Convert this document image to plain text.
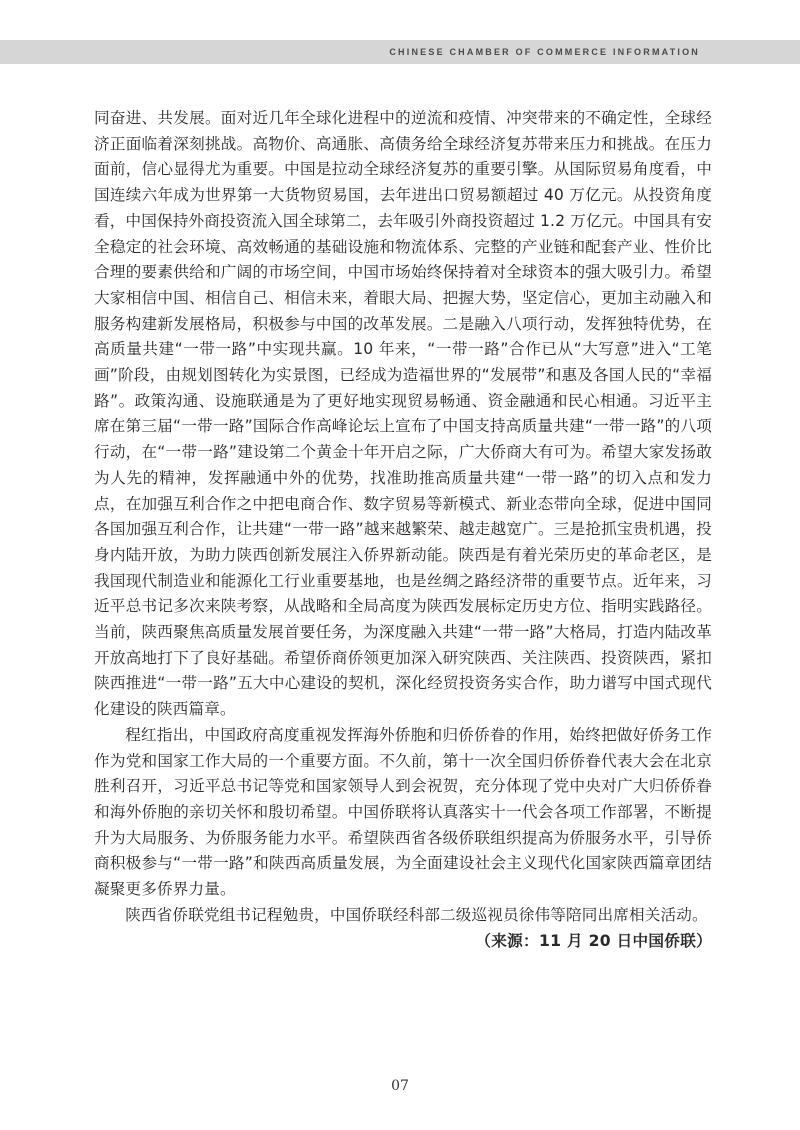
CHINESE CHAMBER OF COMMERCE INFORMATION

同奋进、共发展。面对近几年全球化进程中的逆流和疫情、冲突带来的不确定性，全球经济正面临着深刻挑战。高物价、高通胀、高债务给全球经济复苏带来压力和挑战。在压力面前，信心显得尤为重要。中国是拉动全球经济复苏的重要引擎。从国际贸易角度看，中国连续六年成为世界第一大货物贸易国，去年进出口贸易额超过 40 万亿元。从投资角度看，中国保持外商投资流入国全球第二，去年吸引外商投资超过 1.2 万亿元。中国具有安全稳定的社会环境、高效畅通的基础设施和物流体系、完整的产业链和配套产业、性价比合理的要素供给和广阔的市场空间，中国市场始终保持着对全球资本的强大吸引力。希望大家相信中国、相信自己、相信未来，着眼大局、把握大势，坚定信心，更加主动融入和服务构建新发展格局，积极参与中国的改革发展。二是融入八项行动，发挥独特优势，在高质量共建“一带一路”中实现共赢。10 年来，“一带一路”合作已从“大写意”进入“工笔画”阶段，由规划图转化为实景图，已经成为造福世界的“发展带”和惠及各国人民的“幸福路”。政策沟通、设施联通是为了更好地实现贸易畅通、资金融通和民心相通。习近平主席在第三届“一带一路”国际合作高峰论坛上宣布了中国支持高质量共建“一带一路”的八项行动，在“一带一路”建设第二个黄金十年开启之际，广大侨商大有可为。希望大家发扬敢为人先的精神，发挥融通中外的优势，找准助推高质量共建“一带一路”的切入点和发力点，在加强互利合作之中把电商合作、数字贸易等新模式、新业态带向全球，促进中国同各国加强互利合作，让共建“一带一路”越来越繁荣、越走越宽广。三是抢抓宝贵机遇，投身内陆开放，为助力陕西创新发展注入侨界新动能。陕西是有着光荣历史的革命老区，是我国现代制造业和能源化工行业重要基地，也是丝绸之路经济带的重要节点。近年来，习近平总书记多次来陕考察，从战略和全局高度为陕西发展标定历史方位、指明实践路径。当前，陕西聚焦高质量发展首要任务，为深度融入共建“一带一路”大格局，打造内陆改革开放高地打下了良好基础。希望侨商侨领更加深入研究陕西、关注陕西、投资陕西，紧扣陕西推进“一带一路”五大中心建设的契机，深化经贸投资务实合作，助力谱写中国式现代化建设的陕西篇章。

程红指出，中国政府高度重视发挥海外侨胞和归侨侨眷的作用，始终把做好侨务工作作为党和国家工作大局的一个重要方面。不久前，第十一次全国归侨侨眷代表大会在北京胜利召开，习近平总书记等党和国家领导人到会祝贺，充分体现了党中央对广大归侨侨眷和海外侨胞的亲切关怀和殷切希望。中国侨联将认真落实十一代会各项工作部署，不断提升为大局服务、为侨服务能力水平。希望陕西省各级侨联组织提高为侨服务水平，引导侨商积极参与“一带一路”和陕西高质量发展，为全面建设社会主义现代化国家陕西篇章团结凝聚更多侨界力量。

陕西省侨联党组书记程勉贵，中国侨联经科部二级巡视员徐伟等陪同出席相关活动。

（来源：11 月 20 日中国侨联）

07
